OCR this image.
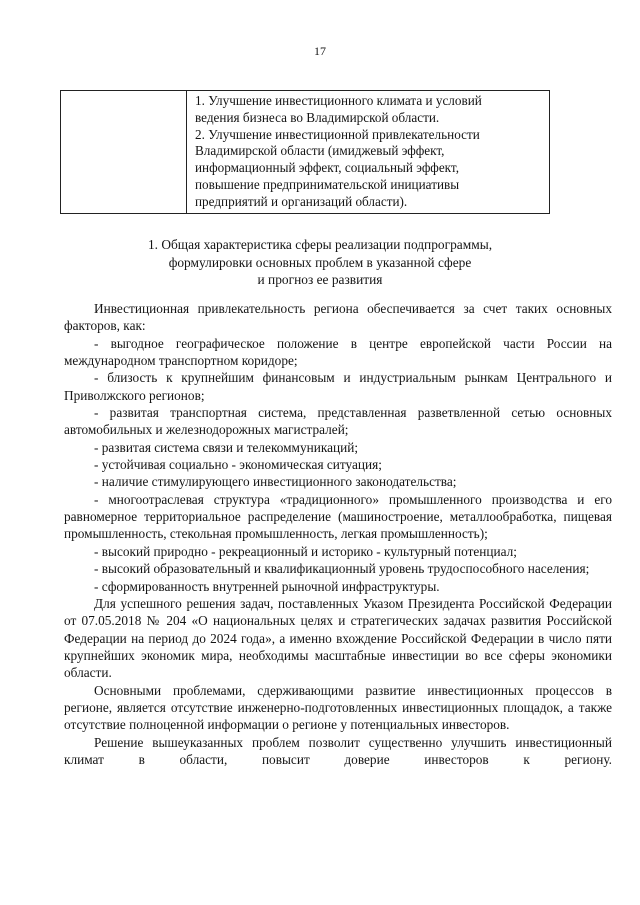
17
1. Улучшение инвестиционного климата и условий
ведения бизнеса во Владимирской области.
2. Улучшение инвестиционной привлекательности
Владимирской области (имиджевый эффект,
информационный эффект, социальный эффект,
повышение предпринимательской инициативы
предприятий и организаций области).
1. Общая характеристика сферы реализации подпрограммы,
формулировки основных проблем в указанной сфере
и прогноз ее развития

Инвестиционная привлекательность региона обеспечивается за счет таких основных факторов, как:

- выгодное географическое положение в центре европейской части России на международном транспортном коридоре;

- близость к крупнейшим финансовым и индустриальным рынкам Центрального и Приволжского регионов;

- развитая транспортная система, представленная разветвленной сетью основных автомобильных и железнодорожных магистралей;

- развитая система связи и телекоммуникаций;

- устойчивая социально - экономическая ситуация;

- наличие стимулирующего инвестиционного законодательства;

- многоотраслевая структура «традиционного» промышленного производства и его равномерное территориальное распределение (машиностроение, металлообработка, пищевая промышленность, стекольная промышленность, легкая промышленность);

- высокий природно - рекреационный и историко - культурный потенциал;

- высокий образовательный и квалификационный уровень трудоспособного населения;

- сформированность внутренней рыночной инфраструктуры.

Для успешного решения задач, поставленных Указом Президента Российской Федерации от 07.05.2018 № 204 «О национальных целях и стратегических задачах развития Российской Федерации на период до 2024 года», а именно вхождение Российской Федерации в число пяти крупнейших экономик мира, необходимы масштабные инвестиции во все сферы экономики области.

Основными проблемами, сдерживающими развитие инвестиционных процессов в регионе, является отсутствие инженерно-подготовленных инвестиционных площадок, а также отсутствие полноценной информации о регионе у потенциальных инвесторов.

Решение вышеуказанных проблем позволит существенно улучшить инвестиционный климат в области, повысит доверие инвесторов к региону.
